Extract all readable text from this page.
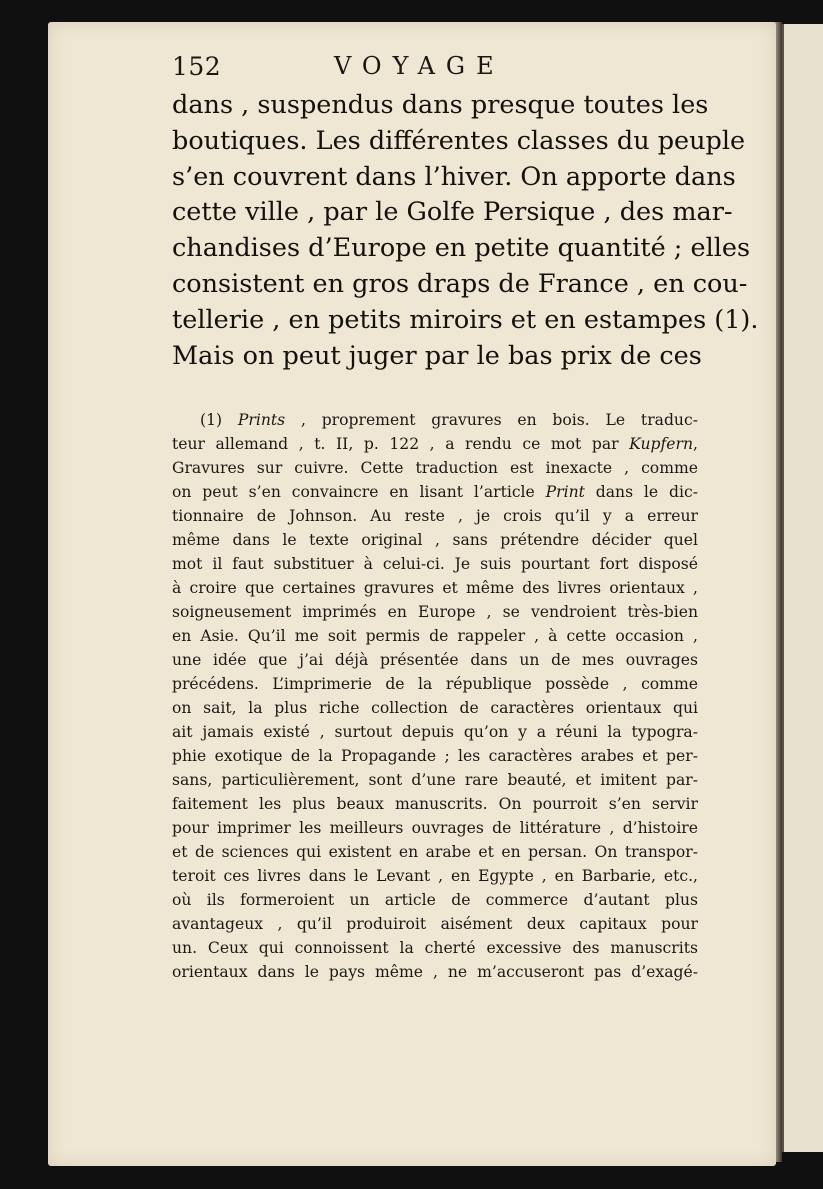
152	VOYAGE
dans , suspendus dans presque toutes les
boutiques. Les différentes classes du peuple
s’en couvrent dans l’hiver. On apporte dans
cette ville , par le Golfe Persique , des mar-
chandises d’Europe en petite quantité ; elles
consistent en gros draps de France , en cou-
tellerie , en petits miroirs et en estampes (1).
Mais on peut juger par le bas prix de ces
(1) Prints , proprement gravures en bois. Le traduc-
teur allemand , t. II, p. 122 , a rendu ce mot par Kupfern,
Gravures sur cuivre. Cette traduction est inexacte , comme
on peut s’en convaincre en lisant l’article Print dans le dic-
tionnaire de Johnson. Au reste , je crois qu’il y a erreur
même dans le texte original , sans prétendre décider quel
mot il faut substituer à celui-ci. Je suis pourtant fort disposé
à croire que certaines gravures et même des livres orientaux ,
soigneusement imprimés en Europe , se vendroient très-bien
en Asie. Qu’il me soit permis de rappeler , à cette occasion ,
une idée que j’ai déjà présentée dans un de mes ouvrages
précédens. L’imprimerie de la république possède , comme
on sait, la plus riche collection de caractères orientaux qui
ait jamais existé , surtout depuis qu’on y a réuni la typogra-
phie exotique de la Propagande ; les caractères arabes et per-
sans, particulièrement, sont d’une rare beauté, et imitent par-
faitement les plus beaux manuscrits. On pourroit s’en servir
pour imprimer les meilleurs ouvrages de littérature , d’histoire
et de sciences qui existent en arabe et en persan. On transpor-
teroit ces livres dans le Levant , en Egypte , en Barbarie, etc.,
où ils formeroient un article de commerce d’autant plus
avantageux , qu’il produiroit aisément deux capitaux pour
un. Ceux qui connoissent la cherté excessive des manuscrits
orientaux dans le pays même , ne m’accuseront pas d’exagé-
